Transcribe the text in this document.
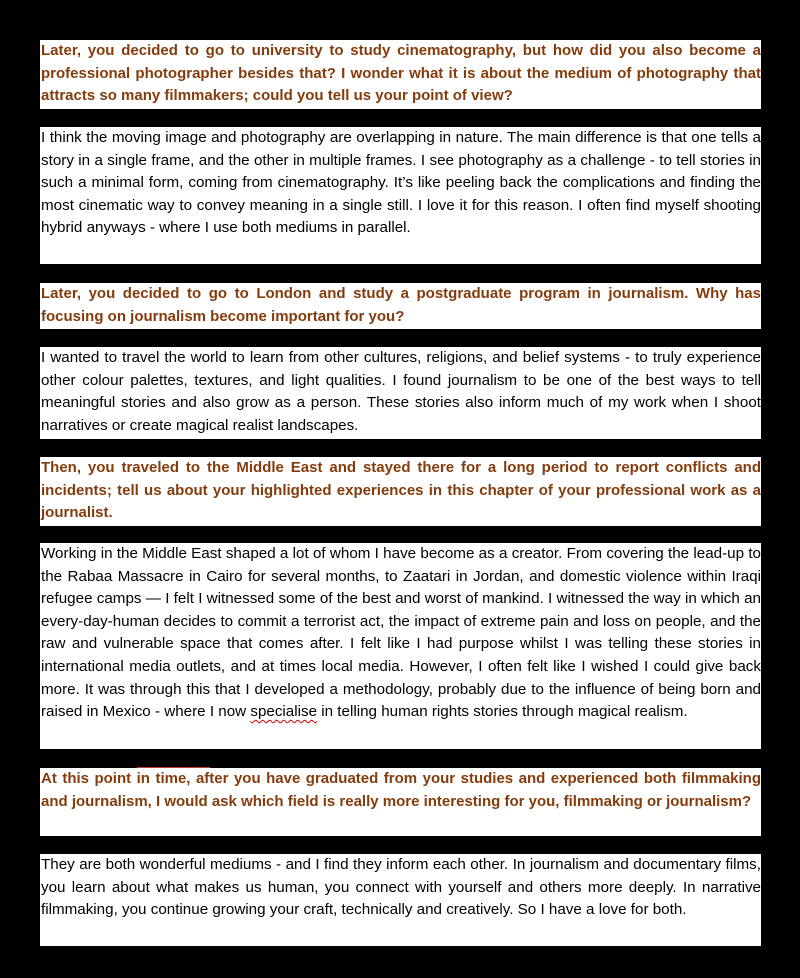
Later, you decided to go to university to study cinematography, but how did you also become a professional photographer besides that? I wonder what it is about the medium of photography that attracts so many filmmakers; could you tell us your point of view?
I think the moving image and photography are overlapping in nature. The main difference is that one tells a story in a single frame, and the other in multiple frames. I see photography as a challenge - to tell stories in such a minimal form, coming from cinematography. It’s like peeling back the complications and finding the most cinematic way to convey meaning in a single still. I love it for this reason. I often find myself shooting hybrid anyways - where I use both mediums in parallel.
Later, you decided to go to London and study a postgraduate program in journalism. Why has focusing on journalism become important for you?
I wanted to travel the world to learn from other cultures, religions, and belief systems - to truly experience other colour palettes, textures, and light qualities. I found journalism to be one of the best ways to tell meaningful stories and also grow as a person. These stories also inform much of my work when I shoot narratives or create magical realist landscapes.
Then, you traveled to the Middle East and stayed there for a long period to report conflicts and incidents; tell us about your highlighted experiences in this chapter of your professional work as a journalist.
Working in the Middle East shaped a lot of whom I have become as a creator. From covering the lead-up to the Rabaa Massacre in Cairo for several months, to Zaatari in Jordan, and domestic violence within Iraqi refugee camps — I felt I witnessed some of the best and worst of mankind. I witnessed the way in which an every-day-human decides to commit a terrorist act, the impact of extreme pain and loss on people, and the raw and vulnerable space that comes after. I felt like I had purpose whilst I was telling these stories in international media outlets, and at times local media. However, I often felt like I wished I could give back more. It was through this that I developed a methodology, probably due to the influence of being born and raised in Mexico - where I now specialise in telling human rights stories through magical realism.
At this point in time, after you have graduated from your studies and experienced both filmmaking and journalism, I would ask which field is really more interesting for you, filmmaking or journalism?
They are both wonderful mediums - and I find they inform each other. In journalism and documentary films, you learn about what makes us human, you connect with yourself and others more deeply. In narrative filmmaking, you continue growing your craft, technically and creatively. So I have a love for both.
